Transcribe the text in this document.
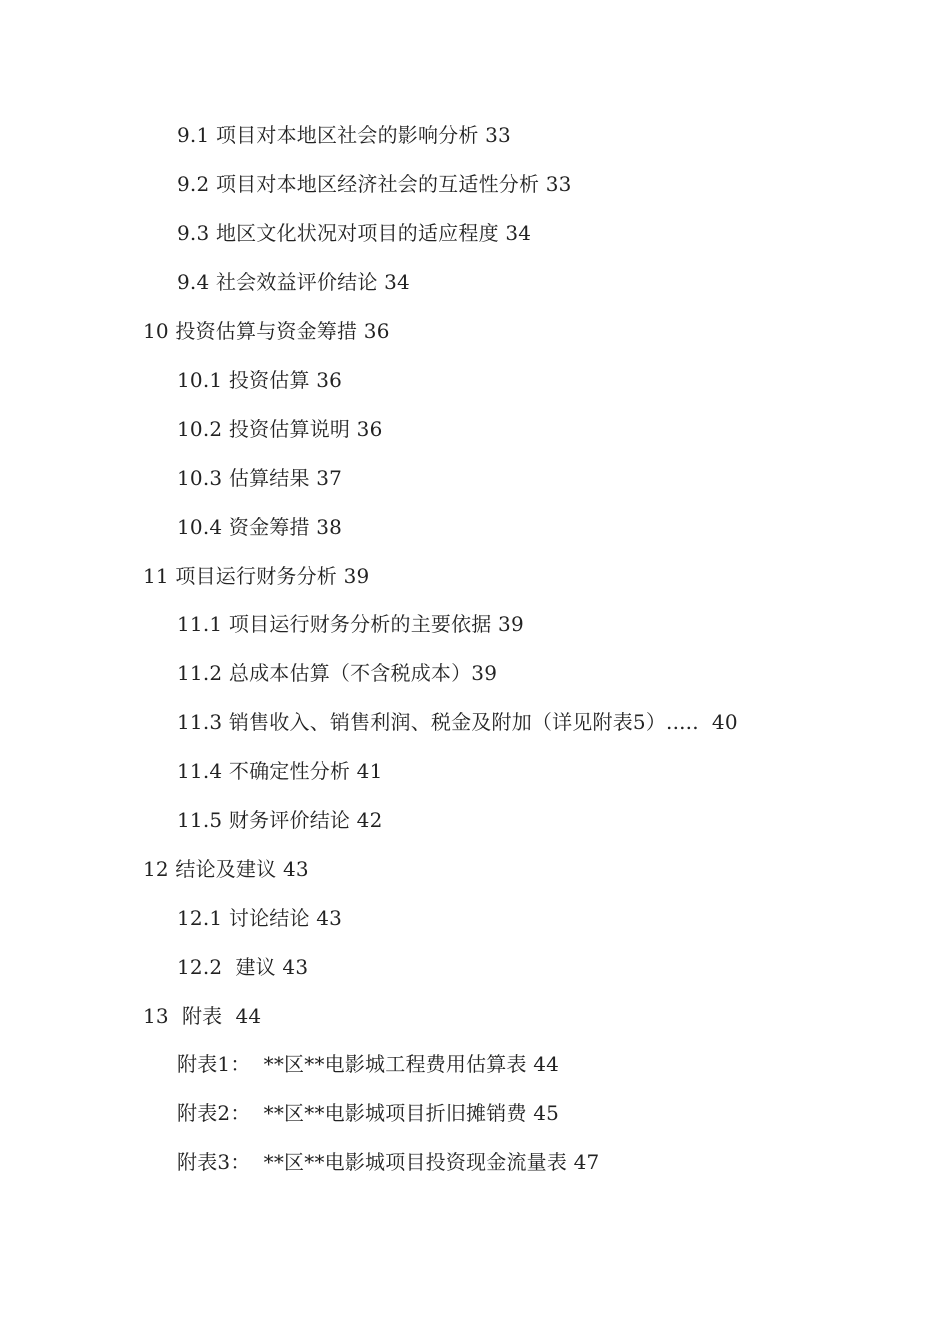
9.1 项目对本地区社会的影响分析 33
9.2 项目对本地区经济社会的互适性分析 33
9.3 地区文化状况对项目的适应程度 34
9.4 社会效益评价结论 34
10 投资估算与资金筹措 36
10.1 投资估算 36
10.2 投资估算说明 36
10.3 估算结果 37
10.4 资金筹措 38
11 项目运行财务分析 39
11.1 项目运行财务分析的主要依据 39
11.2 总成本估算（不含税成本）39
11.3 销售收入、销售利润、税金及附加（详见附表5）.....  40
11.4 不确定性分析 41
11.5 财务评价结论 42
12 结论及建议 43
12.1 讨论结论 43
12.2  建议 43
13  附表  44
附表1：  **区**电影城工程费用估算表 44
附表2：  **区**电影城项目折旧摊销费 45
附表3：  **区**电影城项目投资现金流量表 47
